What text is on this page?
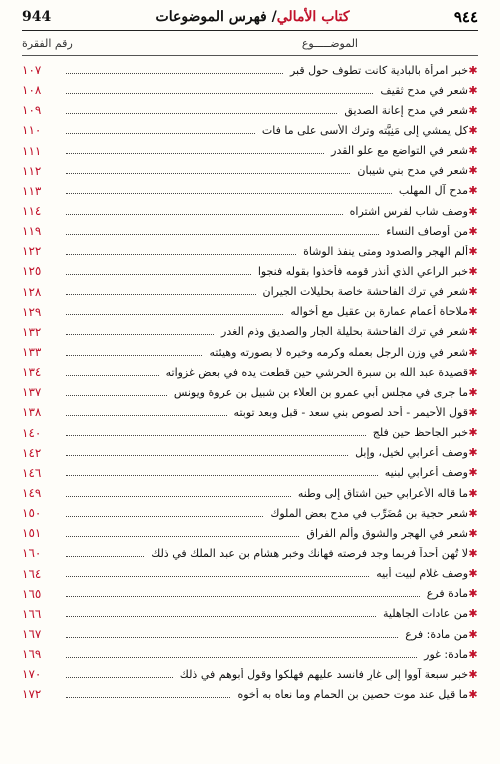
944	كتاب الأمالي/ فهرس الموضوعات	٩٤٤
الموضـــــوع
رقم الفقرة
✱
خبر امرأة بالبادية كانت تطوف حول قبر
١٠٧
✱
شعر في مدح ثقيف
١٠٨
✱
شعر في مدح إعانة الصديق
١٠٩
✱
كل يمشي إلى مَنِيَّته وترك الأسى على ما فات
١١٠
✱
شعر في التواضع مع علو القدر
١١١
✱
شعر في مدح بني شيبان
١١٢
✱
مدح آل المهلب
١١٣
✱
وصف شاب لفرس اشتراه
١١٤
✱
من أوصاف النساء
١١٩
✱
ألم الهجر والصدود ومتى ينفذ الوشاة
١٢٢
✱
خبر الراعي الذي أنذر قومه فأخذوا بقوله فنجوا
١٢٥
✱
شعر في ترك الفاحشة خاصة بحليلات الجيران
١٢٨
✱
ملاحاة أعمام عمارة بن عقيل مع أخواله
١٢٩
✱
شعر في ترك الفاحشة بحليلة الجار والصديق وذم الغدر
١٣٢
✱
شعر في وزن الرجل بعمله وكرمه وخيره لا بصورته وهيئته
١٣٣
✱
قصيدة عبد الله بن سبرة الحرشي حين قطعت يده في بعض غزواته
١٣٤
✱
ما جرى في مجلس أبي عمرو بن العلاء بن شبيل بن عروة ويونس
١٣٧
✱
قول الأحيمر - أحد لصوص بني سعد - قبل وبعد توبته
١٣٨
✱
خبر الجاحظ حين فلج
١٤٠
✱
وصف أعرابي لخيل، وإبل
١٤٢
✱
وصف أعرابي لبنيه
١٤٦
✱
ما قاله الأعرابي حين اشتاق إلى وطنه
١٤٩
✱
شعر حجية بن مُضَرِّب في مدح بعض الملوك
١٥٠
✱
شعر في الهجر والشوق وألم الفراق
١٥١
✱
لا تُهِن أحداً فربما وجد فرصته فهانك وخبر هشام بن عبد الملك في ذلك
١٦٠
✱
وصف غلام لبيت أبيه
١٦٤
✱
مادة فرع
١٦٥
✱
من عادات الجاهلية
١٦٦
✱
من مادة: فرع
١٦٧
✱
مادة: غور
١٦٩
✱
خبر سبعة آووا إلى غارٍ فانسد عليهم فهلكوا وقول أبوهم في ذلك
١٧٠
✱
ما قيل عند موت حصين بن الحمام وما نعاه به أخوه
١٧٢
